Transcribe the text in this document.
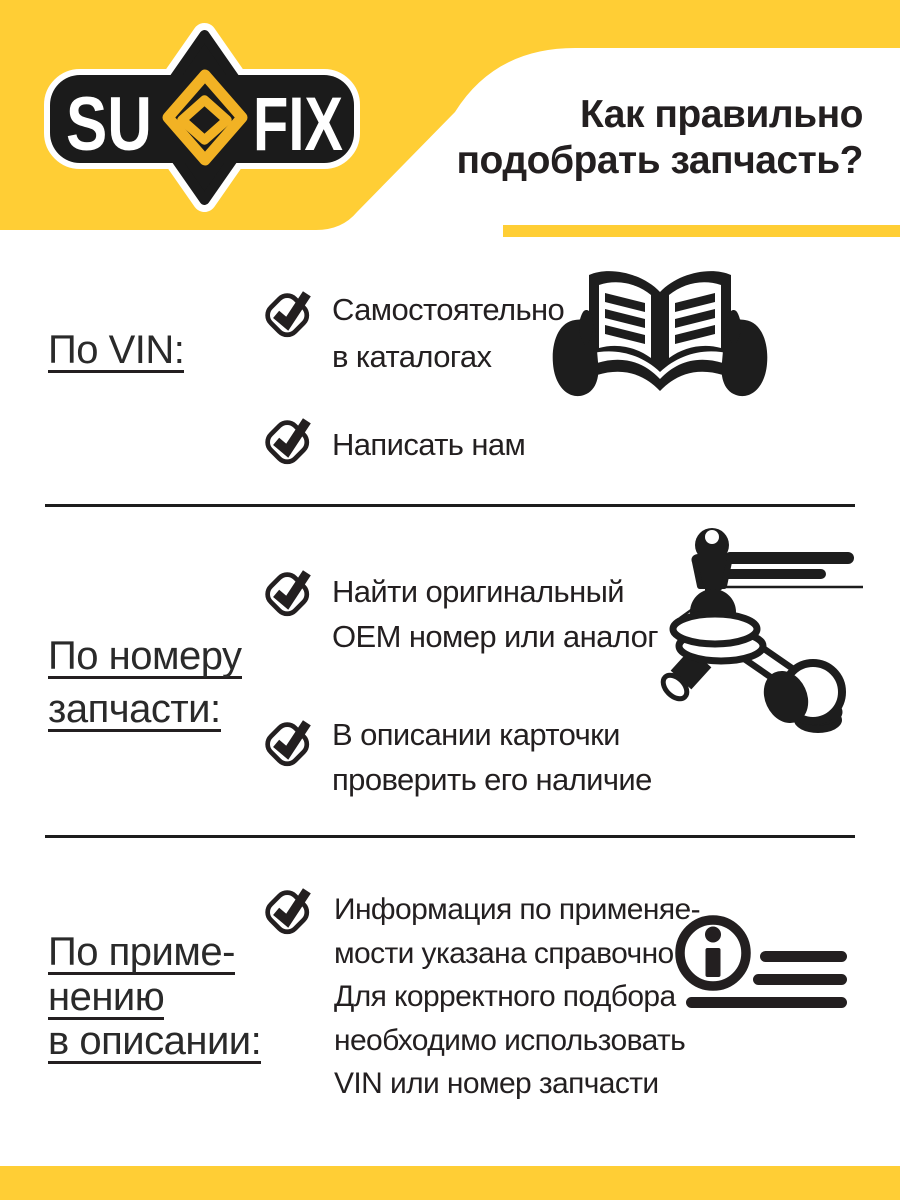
SU FIX	Как правильно
подобрать запчасть?
По VIN:
Самостоятельно
в каталогах
Написать нам
По номеру
запчасти:
Найти оригинальный
OEM номер или аналог
В описании карточки
проверить его наличие
По приме-
нению
в описании:
Информация по применяе-
мости указана справочно.
Для корректного подбора
необходимо использовать
VIN или номер запчасти
